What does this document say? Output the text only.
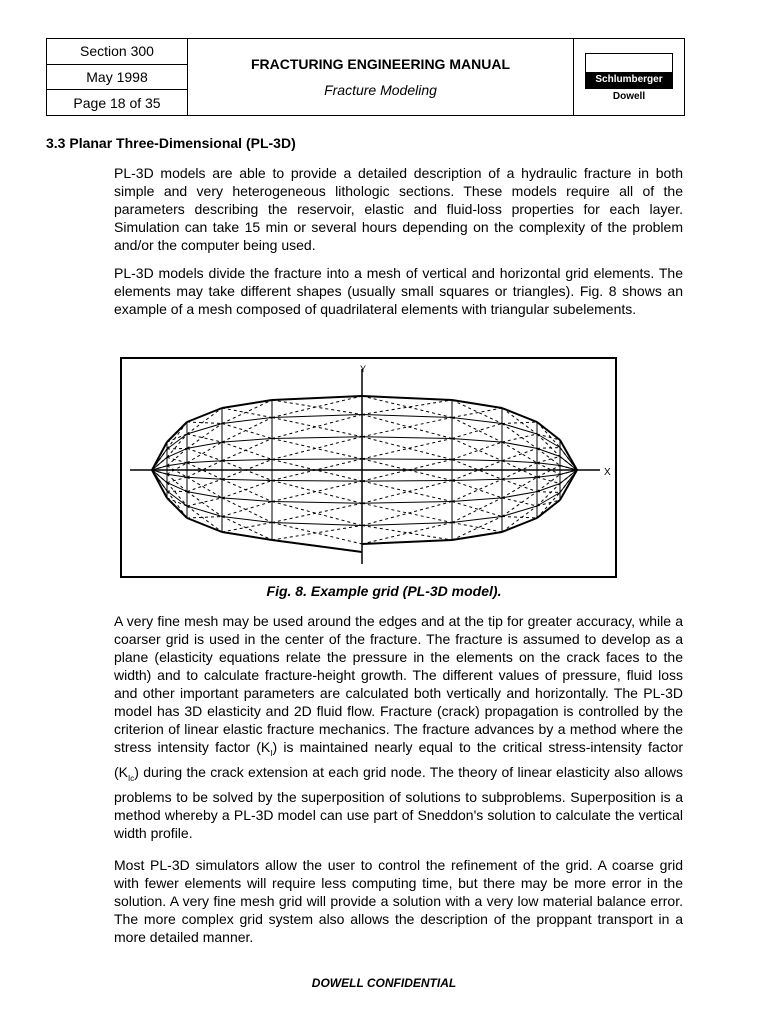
Section 300
May 1998
Page 18 of 35
FRACTURING ENGINEERING MANUAL
Fracture Modeling
Schlumberger
Dowell
3.3 Planar Three-Dimensional (PL-3D)

PL-3D models are able to provide a detailed description of a hydraulic fracture in both simple and very heterogeneous lithologic sections. These models require all of the parameters describing the reservoir, elastic and fluid-loss properties for each layer. Simulation can take 15 min or several hours depending on the complexity of the problem and/or the computer being used.

PL-3D models divide the fracture into a mesh of vertical and horizontal grid elements. The elements may take different shapes (usually small squares or triangles). Fig. 8 shows an example of a mesh composed of quadrilateral elements with triangular subelements.

Y
X
Fig. 8. Example grid (PL-3D model).

A very fine mesh may be used around the edges and at the tip for greater accuracy, while a coarser grid is used in the center of the fracture. The fracture is assumed to develop as a plane (elasticity equations relate the pressure in the elements on the crack faces to the width) and to calculate fracture-height growth. The different values of pressure, fluid loss and other important parameters are calculated both vertically and horizontally. The PL-3D model has 3D elasticity and 2D fluid flow. Fracture (crack) propagation is controlled by the criterion of linear elastic fracture mechanics. The fracture advances by a method where the stress intensity factor $(K_I)$ is maintained nearly equal to the critical stress-intensity factor $(K_{Ic})$ during the crack extension at each grid node. The theory of linear elasticity also allows problems to be solved by the superposition of solutions to subproblems. Superposition is a method whereby a PL-3D model can use part of Sneddon's solution to calculate the vertical width profile.

Most PL-3D simulators allow the user to control the refinement of the grid. A coarse grid with fewer elements will require less computing time, but there may be more error in the solution. A very fine mesh grid will provide a solution with a very low material balance error. The more complex grid system also allows the description of the proppant transport in a more detailed manner.

DOWELL CONFIDENTIAL
